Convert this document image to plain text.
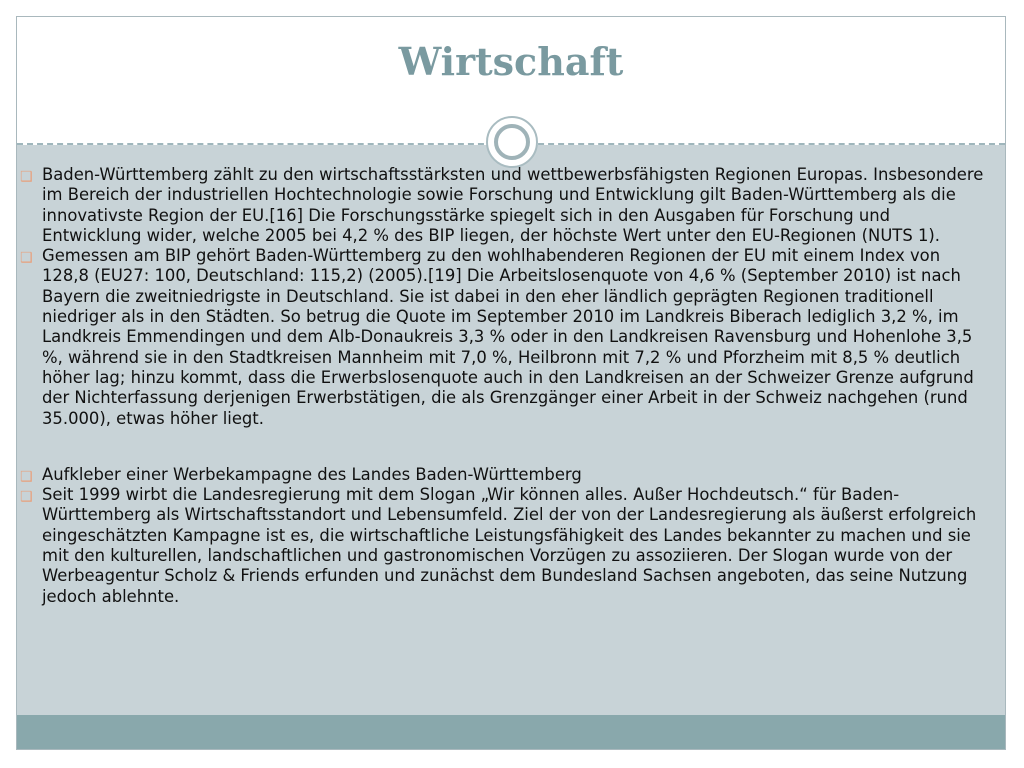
Wirtschaft
❑ Baden-Württemberg zählt zu den wirtschaftsstärksten und wettbewerbsfähigsten Regionen Europas. Insbesondere im Bereich der industriellen Hochtechnologie sowie Forschung und Entwicklung gilt Baden-Württemberg als die innovativste Region der EU.[16] Die Forschungsstärke spiegelt sich in den Ausgaben für Forschung und Entwicklung wider, welche 2005 bei 4,2 % des BIP liegen, der höchste Wert unter den EU-Regionen (NUTS 1).
❑ Gemessen am BIP gehört Baden-Württemberg zu den wohlhabenderen Regionen der EU mit einem Index von 128,8 (EU27: 100, Deutschland: 115,2) (2005).[19] Die Arbeitslosenquote von 4,6 % (September 2010) ist nach Bayern die zweitniedrigste in Deutschland. Sie ist dabei in den eher ländlich geprägten Regionen traditionell niedriger als in den Städten. So betrug die Quote im September 2010 im Landkreis Biberach lediglich 3,2 %, im Landkreis Emmendingen und dem Alb-Donaukreis 3,3 % oder in den Landkreisen Ravensburg und Hohenlohe 3,5 %, während sie in den Stadtkreisen Mannheim mit 7,0 %, Heilbronn mit 7,2 % und Pforzheim mit 8,5 % deutlich höher lag; hinzu kommt, dass die Erwerbslosenquote auch in den Landkreisen an der Schweizer Grenze aufgrund der Nichterfassung derjenigen Erwerbstätigen, die als Grenzgänger einer Arbeit in der Schweiz nachgehen (rund 35.000), etwas höher liegt.
❑ Aufkleber einer Werbekampagne des Landes Baden-Württemberg
❑ Seit 1999 wirbt die Landesregierung mit dem Slogan „Wir können alles. Außer Hochdeutsch.“ für Baden-Württemberg als Wirtschaftsstandort und Lebensumfeld. Ziel der von der Landesregierung als äußerst erfolgreich eingeschätzten Kampagne ist es, die wirtschaftliche Leistungsfähigkeit des Landes bekannter zu machen und sie mit den kulturellen, landschaftlichen und gastronomischen Vorzügen zu assoziieren. Der Slogan wurde von der Werbeagentur Scholz & Friends erfunden und zunächst dem Bundesland Sachsen angeboten, das seine Nutzung jedoch ablehnte.
